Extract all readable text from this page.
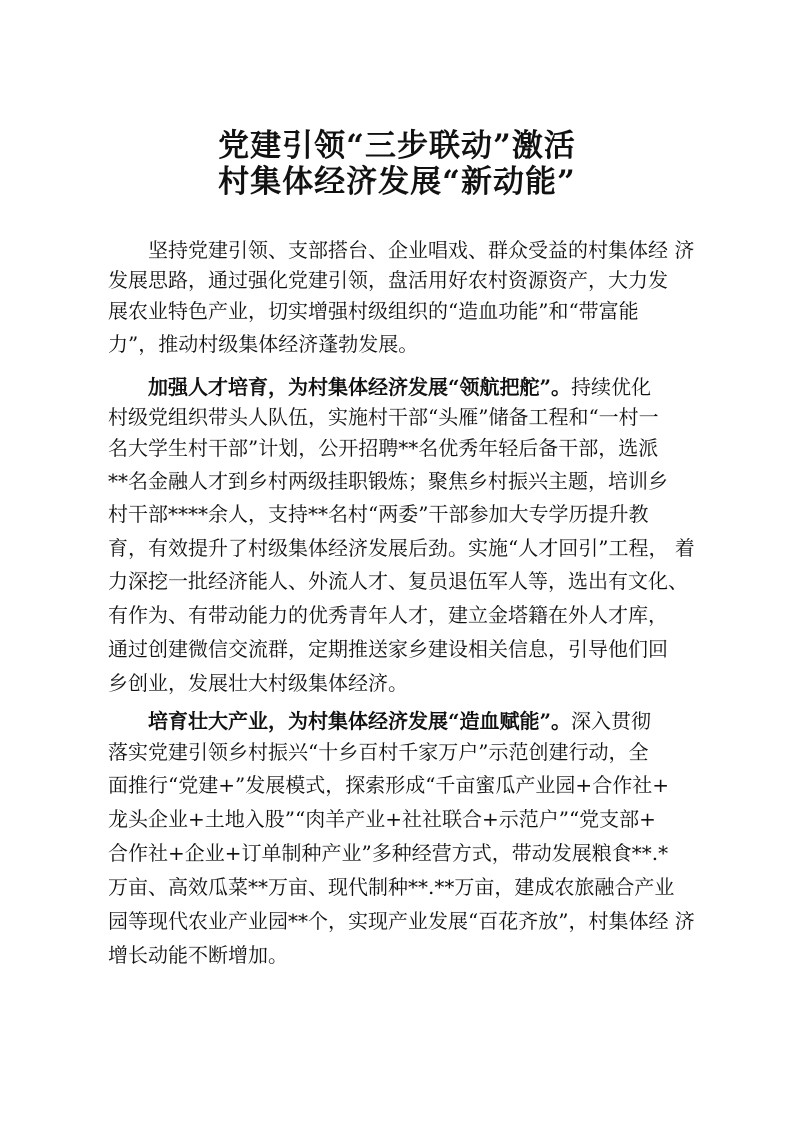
党建引领“三步联动”激活
村集体经济发展“新动能”
坚持党建引领、支部搭台、企业唱戏、群众受益的村集体经 济
发展思路，通过强化党建引领，盘活用好农村资源资产，大力发
展农业特色产业，切实增强村级组织的“造血功能”和“带富能
力”，推动村级集体经济蓬勃发展。
加强人才培育，为村集体经济发展“领航把舵”。持续优化
村级党组织带头人队伍，实施村干部“头雁”储备工程和“一村一
名大学生村干部”计划，公开招聘**名优秀年轻后备干部，选派
**名金融人才到乡村两级挂职锻炼；聚焦乡村振兴主题，培训乡
村干部****余人，支持**名村“两委”干部参加大专学历提升教
育，有效提升了村级集体经济发展后劲。实施“人才回引”工程， 着
力深挖一批经济能人、外流人才、复员退伍军人等，选出有文化、
有作为、有带动能力的优秀青年人才，建立金塔籍在外人才库，
通过创建微信交流群，定期推送家乡建设相关信息，引导他们回
乡创业，发展壮大村级集体经济。
培育壮大产业，为村集体经济发展“造血赋能”。深入贯彻
落实党建引领乡村振兴“十乡百村千家万户”示范创建行动，全
面推行“党建+”发展模式，探索形成“千亩蜜瓜产业园+合作社+
龙头企业+土地入股”“肉羊产业+社社联合+示范户”“党支部+
合作社+企业+订单制种产业”多种经营方式，带动发展粮食**.*
万亩、高效瓜菜**万亩、现代制种**.**万亩，建成农旅融合产业
园等现代农业产业园**个，实现产业发展“百花齐放”，村集体经 济
增长动能不断增加。
